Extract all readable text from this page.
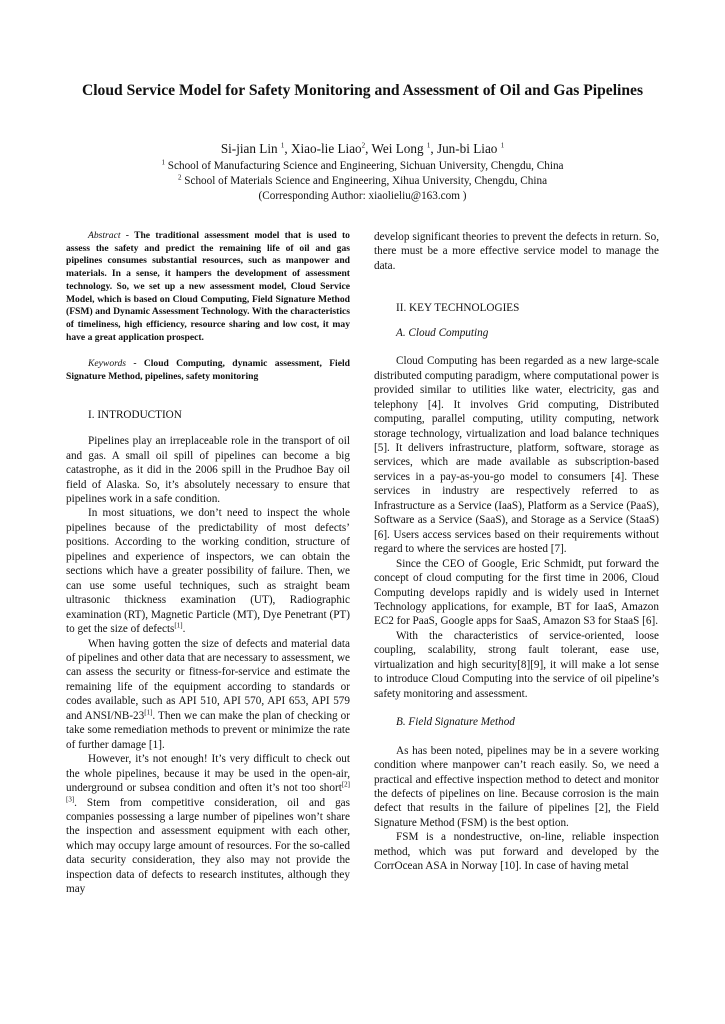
Cloud Service Model for Safety Monitoring and Assessment of Oil and Gas Pipelines
Si-jian Lin $^1$, Xiao-lie Liao$^2$, Wei Long $^1$, Jun-bi Liao $^1$
$^1$ School of Manufacturing Science and Engineering, Sichuan University, Chengdu, China
$^2$ School of Materials Science and Engineering, Xihua University, Chengdu, China
(Corresponding Author: xiaolieliu@163.com )

Abstract - The traditional assessment model that is used to assess the safety and predict the remaining life of oil and gas pipelines consumes substantial resources, such as manpower and materials. In a sense, it hampers the development of assessment technology. So, we set up a new assessment model, Cloud Service Model, which is based on Cloud Computing, Field Signature Method (FSM) and Dynamic Assessment Technology. With the characteristics of timeliness, high efficiency, resource sharing and low cost, it may have a great application prospect.

Keywords - Cloud Computing, dynamic assessment, Field Signature Method, pipelines, safety monitoring

I. INTRODUCTION

Pipelines play an irreplaceable role in the transport of oil and gas. A small oil spill of pipelines can become a big catastrophe, as it did in the 2006 spill in the Prudhoe Bay oil field of Alaska. So, it’s absolutely necessary to ensure that pipelines work in a safe condition.

In most situations, we don’t need to inspect the whole pipelines because of the predictability of most defects’ positions. According to the working condition, structure of pipelines and experience of inspectors, we can obtain the sections which have a greater possibility of failure. Then, we can use some useful techniques, such as straight beam ultrasonic thickness examination (UT), Radiographic examination (RT), Magnetic Particle (MT), Dye Penetrant (PT) to get the size of defects[1].

When having gotten the size of defects and material data of pipelines and other data that are necessary to assessment, we can assess the security or fitness-for-service and estimate the remaining life of the equipment according to standards or codes available, such as API 510, API 570, API 653, API 579 and ANSI/NB-23[1]. Then we can make the plan of checking or take some remediation methods to prevent or minimize the rate of further damage [1].

However, it’s not enough! It’s very difficult to check out the whole pipelines, because it may be used in the open-air, underground or subsea condition and often it’s not too short[2][3]. Stem from competitive consideration, oil and gas companies possessing a large number of pipelines won’t share the inspection and assessment equipment with each other, which may occupy large amount of resources. For the so-called data security consideration, they also may not provide the inspection data of defects to research institutes, although they may

develop significant theories to prevent the defects in return. So, there must be a more effective service model to manage the data.

II. KEY TECHNOLOGIES

A. Cloud Computing

Cloud Computing has been regarded as a new large-scale distributed computing paradigm, where computational power is provided similar to utilities like water, electricity, gas and telephony [4]. It involves Grid computing, Distributed computing, parallel computing, utility computing, network storage technology, virtualization and load balance techniques [5]. It delivers infrastructure, platform, software, storage as services, which are made available as subscription-based services in a pay-as-you-go model to consumers [4]. These services in industry are respectively referred to as Infrastructure as a Service (IaaS), Platform as a Service (PaaS), Software as a Service (SaaS), and Storage as a Service (StaaS) [6]. Users access services based on their requirements without regard to where the services are hosted [7].

Since the CEO of Google, Eric Schmidt, put forward the concept of cloud computing for the first time in 2006, Cloud Computing develops rapidly and is widely used in Internet Technology applications, for example, BT for IaaS, Amazon EC2 for PaaS, Google apps for SaaS, Amazon S3 for StaaS [6].

With the characteristics of service-oriented, loose coupling, scalability, strong fault tolerant, ease use, virtualization and high security[8][9], it will make a lot sense to introduce Cloud Computing into the service of oil pipeline’s safety monitoring and assessment.

B. Field Signature Method

As has been noted, pipelines may be in a severe working condition where manpower can’t reach easily. So, we need a practical and effective inspection method to detect and monitor the defects of pipelines on line. Because corrosion is the main defect that results in the failure of pipelines [2], the Field Signature Method (FSM) is the best option.

FSM is a nondestructive, on-line, reliable inspection method, which was put forward and developed by the CorrOcean ASA in Norway [10]. In case of having metal
